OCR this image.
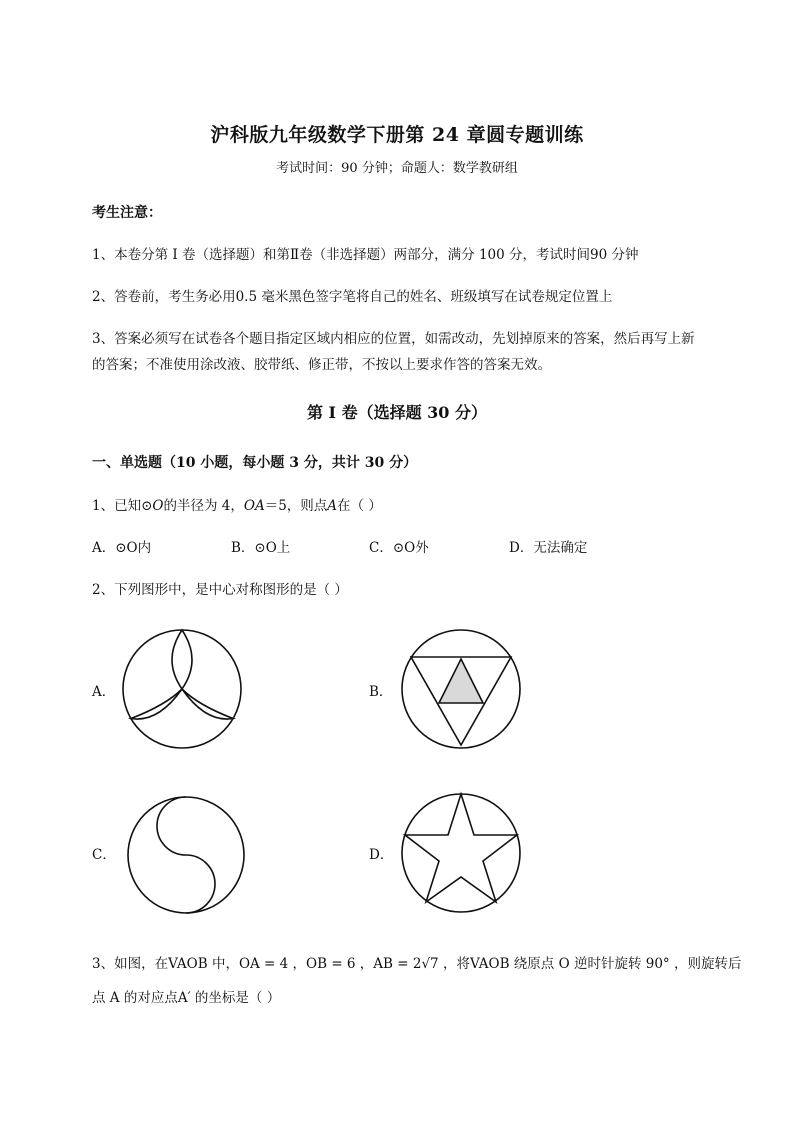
沪科版九年级数学下册第 24 章圆专题训练
考试时间：90 分钟；命题人：数学教研组
考生注意：
1、本卷分第 I 卷（选择题）和第Ⅱ卷（非选择题）两部分，满分 100 分，考试时间90 分钟
2、答卷前，考生务必用0.5 毫米黑色签字笔将自己的姓名、班级填写在试卷规定位置上
3、答案必须写在试卷各个题目指定区域内相应的位置，如需改动，先划掉原来的答案，然后再写上新
的答案；不准使用涂改液、胶带纸、修正带，不按以上要求作答的答案无效。
第 I 卷（选择题 30 分）
一、单选题（10 小题，每小题 3 分，共计 30 分）
1、已知⊙O的半径为 4，OA＝5，则点A在（ ）
A．⊙O内	B．⊙O上	C．⊙O外	D．无法确定
2、下列图形中，是中心对称图形的是（ ）
A．	B．
C．	D．
3、如图，在VAOB 中，OA = 4 ，OB = 6 ，AB = 2√7 ，将VAOB 绕原点 O 逆时针旋转 90° ，则旋转后
点 A 的对应点A′ 的坐标是（ ）
